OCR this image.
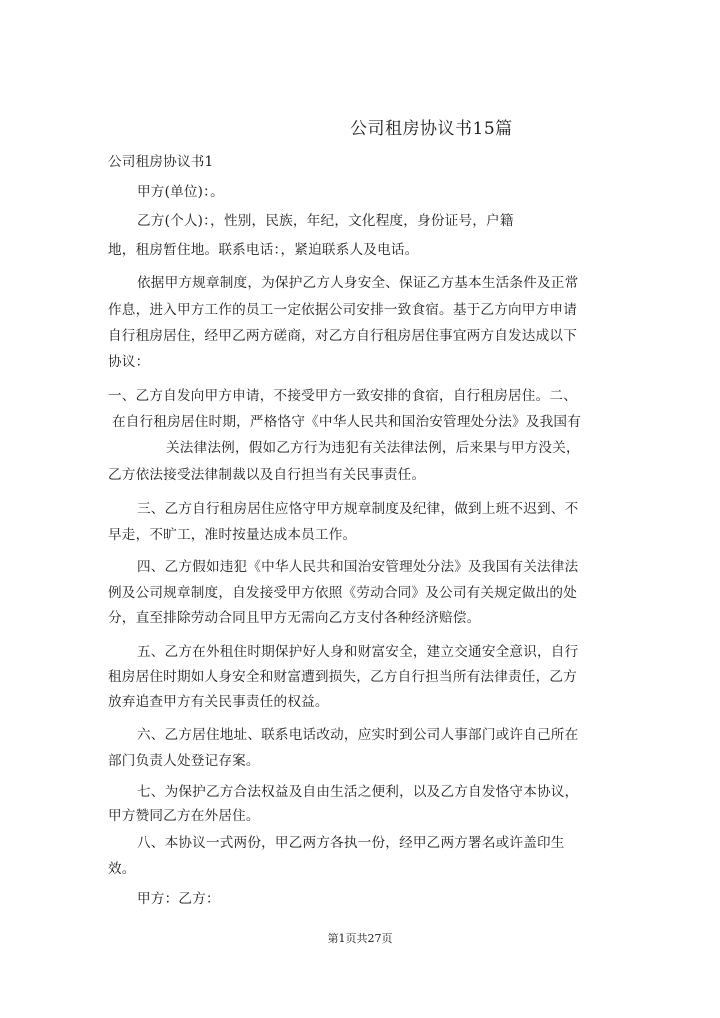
公司租房协议书15篇
公司租房协议书1
甲方(单位)：。
乙方(个人)：，性别，民族，年纪，文化程度，身份证号，户籍
地，租房暂住地。联系电话：，紧迫联系人及电话。
依据甲方规章制度，为保护乙方人身安全、保证乙方基本生活条件及正常
作息，进入甲方工作的员工一定依据公司安排一致食宿。基于乙方向甲方申请
自行租房居住，经甲乙两方磋商，对乙方自行租房居住事宜两方自发达成以下
协议：
一、乙方自发向甲方申请，不接受甲方一致安排的食宿，自行租房居住。二、
在自行租房居住时期，严格恪守《中华人民共和国治安管理处分法》及我国有
关法律法例，假如乙方行为违犯有关法律法例，后来果与甲方没关，
乙方依法接受法律制裁以及自行担当有关民事责任。
三、乙方自行租房居住应恪守甲方规章制度及纪律，做到上班不迟到、不
早走，不旷工，准时按量达成本员工作。
四、乙方假如违犯《中华人民共和国治安管理处分法》及我国有关法律法
例及公司规章制度，自发接受甲方依照《劳动合同》及公司有关规定做出的处
分，直至排除劳动合同且甲方无需向乙方支付各种经济赔偿。
五、乙方在外租住时期保护好人身和财富安全，建立交通安全意识，自行
租房居住时期如人身安全和财富遭到损失，乙方自行担当所有法律责任，乙方
放弃追查甲方有关民事责任的权益。
六、乙方居住地址、联系电话改动，应实时到公司人事部门或许自己所在
部门负责人处登记存案。
七、为保护乙方合法权益及自由生活之便利，以及乙方自发恪守本协议，
甲方赞同乙方在外居住。
八、本协议一式两份，甲乙两方各执一份，经甲乙两方署名或许盖印生
效。
甲方：乙方：
第1页共27页
